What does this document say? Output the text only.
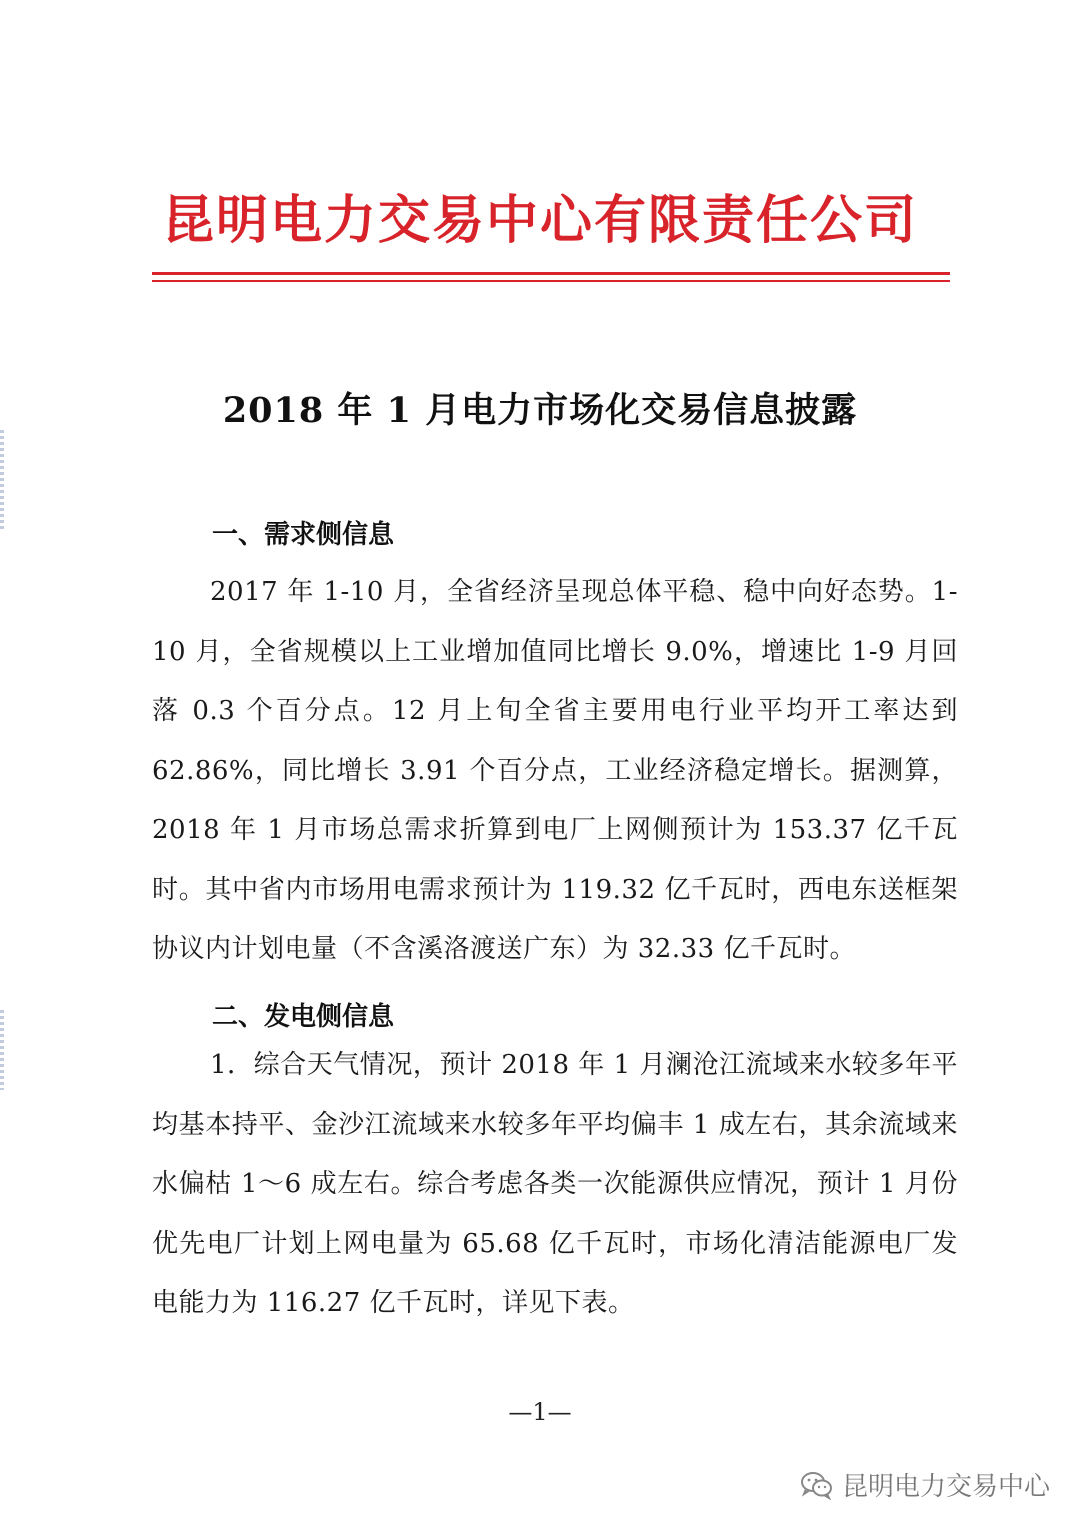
昆明电力交易中心有限责任公司
2018 年 1 月电力市场化交易信息披露
一、需求侧信息
2017 年 1-10 月，全省经济呈现总体平稳、稳中向好态势。1-10 月，全省规模以上工业增加值同比增长 9.0%，增速比 1-9 月回落 0.3 个百分点。12 月上旬全省主要用电行业平均开工率达到 62.86%，同比增长 3.91 个百分点，工业经济稳定增长。据测算，2018 年 1 月市场总需求折算到电厂上网侧预计为 153.37 亿千瓦时。其中省内市场用电需求预计为 119.32 亿千瓦时，西电东送框架协议内计划电量（不含溪洛渡送广东）为 32.33 亿千瓦时。
二、发电侧信息
1．综合天气情况，预计 2018 年 1 月澜沧江流域来水较多年平均基本持平、金沙江流域来水较多年平均偏丰 1 成左右，其余流域来水偏枯 1～6 成左右。综合考虑各类一次能源供应情况，预计 1 月份优先电厂计划上网电量为 65.68 亿千瓦时，市场化清洁能源电厂发电能力为 116.27 亿千瓦时，详见下表。
—1—
昆明电力交易中心
